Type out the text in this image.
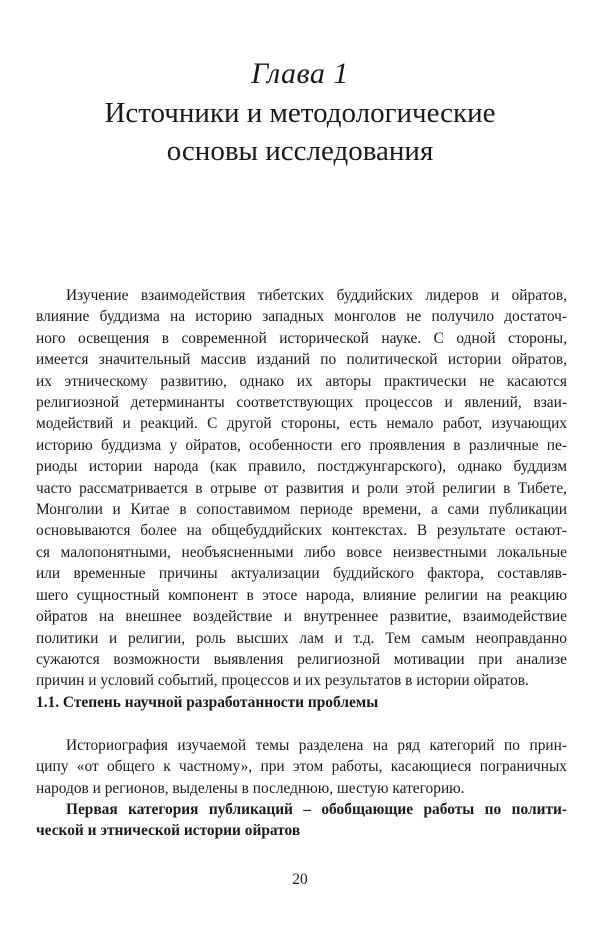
Глава 1
Источники и методологические
основы исследования
Изучение взаимодействия тибетских буддийских лидеров и ойратов,
влияние буддизма на историю западных монголов не получило достаточ-
ного освещения в современной исторической науке. С одной стороны,
имеется значительный массив изданий по политической истории ойратов,
их этническому развитию, однако их авторы практически не касаются
религиозной детерминанты соответствующих процессов и явлений, взаи-
модействий и реакций. С другой стороны, есть немало работ, изучающих
историю буддизма у ойратов, особенности его проявления в различные пе-
риоды истории народа (как правило, постджунгарского), однако буддизм
часто рассматривается в отрыве от развития и роли этой религии в Тибете,
Монголии и Китае в сопоставимом периоде времени, а сами публикации
основываются более на общебуддийских контекстах. В результате остают-
ся малопонятными, необъясненными либо вовсе неизвестными локальные
или временные причины актуализации буддийского фактора, составляв-
шего сущностный компонент в этосе народа, влияние религии на реакцию
ойратов на внешнее воздействие и внутреннее развитие, взаимодействие
политики и религии, роль высших лам и т.д. Тем самым неоправданно
сужаются возможности выявления религиозной мотивации при анализе
причин и условий событий, процессов и их результатов в истории ойратов.
1.1. Степень научной разработанности проблемы
Историография изучаемой темы разделена на ряд категорий по прин-
ципу «от общего к частному», при этом работы, касающиеся пограничных
народов и регионов, выделены в последнюю, шестую категорию.
Первая категория публикаций – обобщающие работы по полити-
ческой и этнической истории ойратов
20
